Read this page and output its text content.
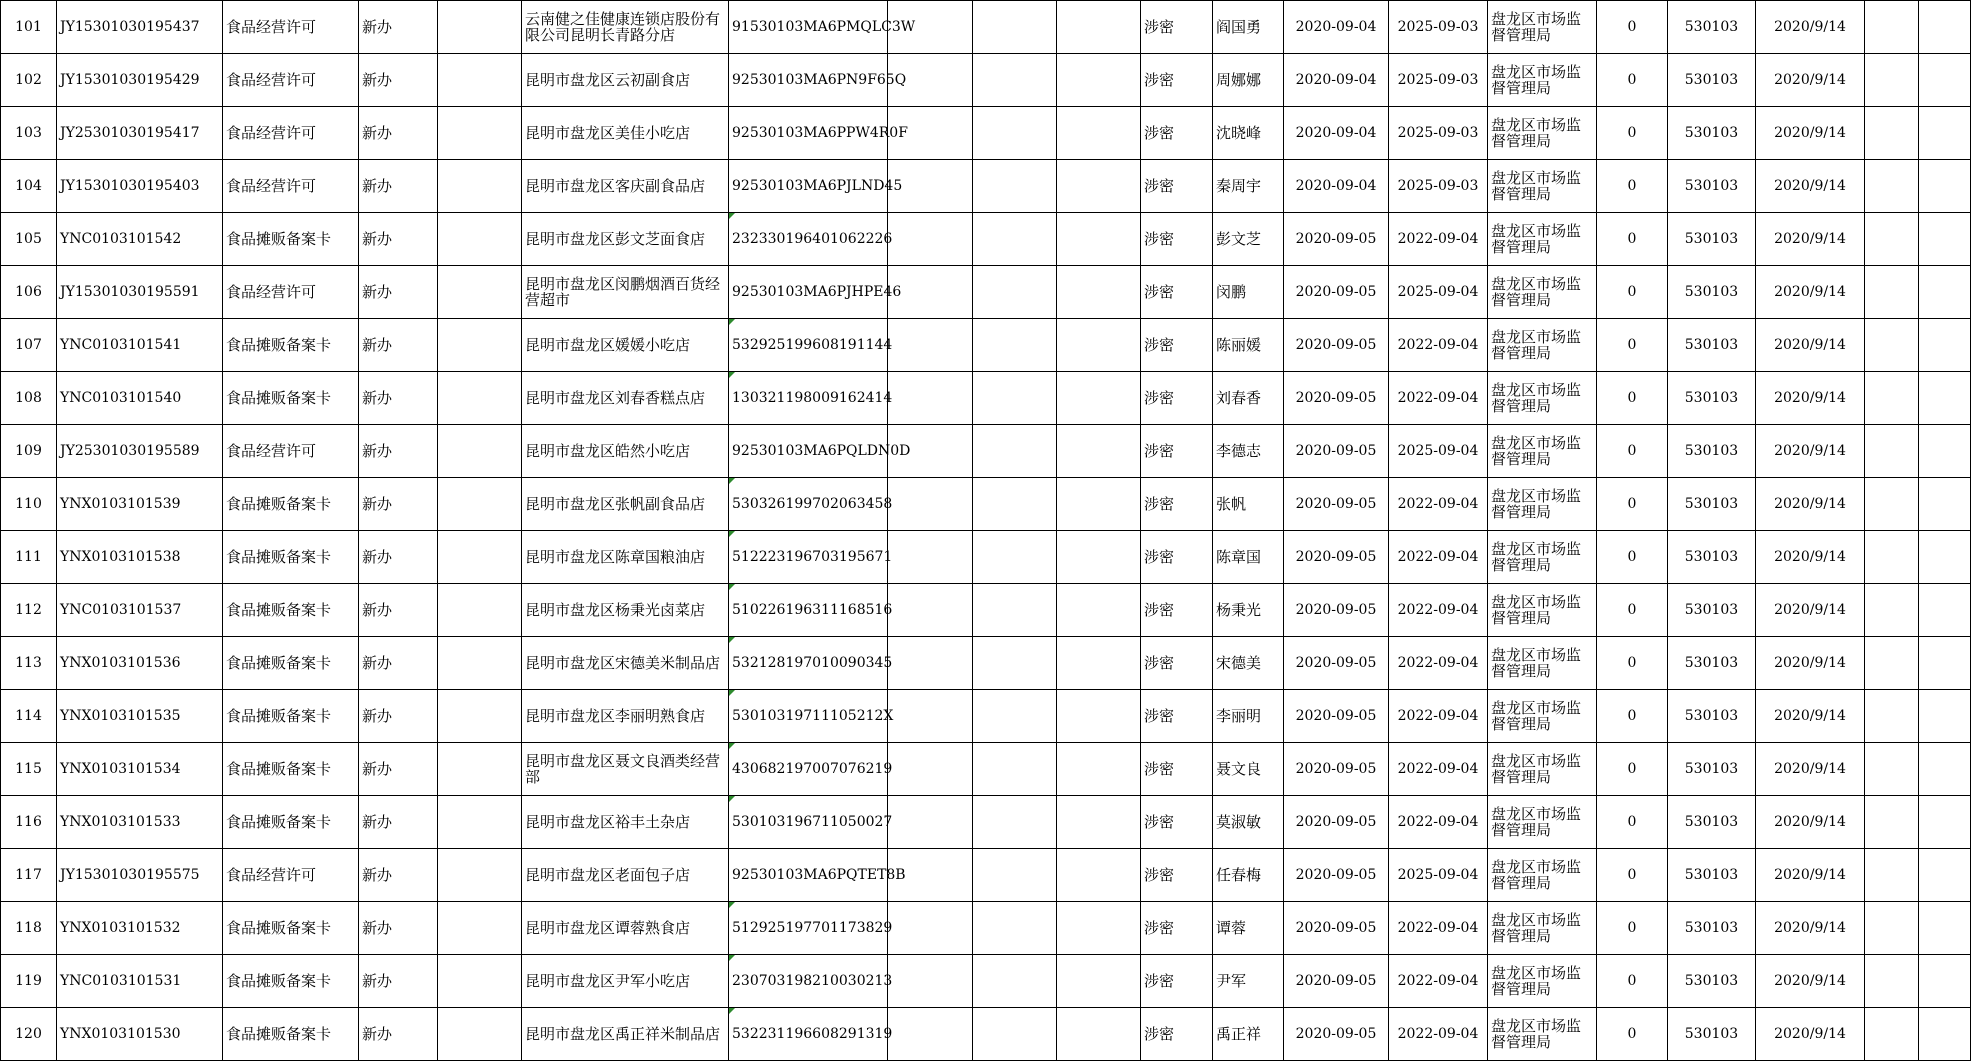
101	JY15301030195437	食品经营许可	新办		云南健之佳健康连锁店股份有限公司昆明长青路分店	91530103MA6PMQLC3W				涉密	阎国勇	2020-09-04	2025-09-03	盘龙区市场监督管理局	0	530103	2020/9/14		
102	JY15301030195429	食品经营许可	新办		昆明市盘龙区云初副食店	92530103MA6PN9F65Q				涉密	周娜娜	2020-09-04	2025-09-03	盘龙区市场监督管理局	0	530103	2020/9/14		
103	JY25301030195417	食品经营许可	新办		昆明市盘龙区美佳小吃店	92530103MA6PPW4R0F				涉密	沈晓峰	2020-09-04	2025-09-03	盘龙区市场监督管理局	0	530103	2020/9/14		
104	JY15301030195403	食品经营许可	新办		昆明市盘龙区客庆副食品店	92530103MA6PJLND45				涉密	秦周宇	2020-09-04	2025-09-03	盘龙区市场监督管理局	0	530103	2020/9/14		
105	YNC0103101542	食品摊贩备案卡	新办		昆明市盘龙区彭文芝面食店	232330196401062226				涉密	彭文芝	2020-09-05	2022-09-04	盘龙区市场监督管理局	0	530103	2020/9/14		
106	JY15301030195591	食品经营许可	新办		昆明市盘龙区闵鹏烟酒百货经营超市	92530103MA6PJHPE46				涉密	闵鹏	2020-09-05	2025-09-04	盘龙区市场监督管理局	0	530103	2020/9/14		
107	YNC0103101541	食品摊贩备案卡	新办		昆明市盘龙区媛媛小吃店	532925199608191144				涉密	陈丽媛	2020-09-05	2022-09-04	盘龙区市场监督管理局	0	530103	2020/9/14		
108	YNC0103101540	食品摊贩备案卡	新办		昆明市盘龙区刘春香糕点店	130321198009162414				涉密	刘春香	2020-09-05	2022-09-04	盘龙区市场监督管理局	0	530103	2020/9/14		
109	JY25301030195589	食品经营许可	新办		昆明市盘龙区皓然小吃店	92530103MA6PQLDN0D				涉密	李德志	2020-09-05	2025-09-04	盘龙区市场监督管理局	0	530103	2020/9/14		
110	YNX0103101539	食品摊贩备案卡	新办		昆明市盘龙区张帆副食品店	530326199702063458				涉密	张帆	2020-09-05	2022-09-04	盘龙区市场监督管理局	0	530103	2020/9/14		
111	YNX0103101538	食品摊贩备案卡	新办		昆明市盘龙区陈章国粮油店	512223196703195671				涉密	陈章国	2020-09-05	2022-09-04	盘龙区市场监督管理局	0	530103	2020/9/14		
112	YNC0103101537	食品摊贩备案卡	新办		昆明市盘龙区杨秉光卤菜店	510226196311168516				涉密	杨秉光	2020-09-05	2022-09-04	盘龙区市场监督管理局	0	530103	2020/9/14		
113	YNX0103101536	食品摊贩备案卡	新办		昆明市盘龙区宋德美米制品店	532128197010090345				涉密	宋德美	2020-09-05	2022-09-04	盘龙区市场监督管理局	0	530103	2020/9/14		
114	YNX0103101535	食品摊贩备案卡	新办		昆明市盘龙区李丽明熟食店	53010319711105212X				涉密	李丽明	2020-09-05	2022-09-04	盘龙区市场监督管理局	0	530103	2020/9/14		
115	YNX0103101534	食品摊贩备案卡	新办		昆明市盘龙区聂文良酒类经营部	430682197007076219				涉密	聂文良	2020-09-05	2022-09-04	盘龙区市场监督管理局	0	530103	2020/9/14		
116	YNX0103101533	食品摊贩备案卡	新办		昆明市盘龙区裕丰土杂店	530103196711050027				涉密	莫淑敏	2020-09-05	2022-09-04	盘龙区市场监督管理局	0	530103	2020/9/14		
117	JY15301030195575	食品经营许可	新办		昆明市盘龙区老面包子店	92530103MA6PQTET8B				涉密	任春梅	2020-09-05	2025-09-04	盘龙区市场监督管理局	0	530103	2020/9/14		
118	YNX0103101532	食品摊贩备案卡	新办		昆明市盘龙区谭蓉熟食店	512925197701173829				涉密	谭蓉	2020-09-05	2022-09-04	盘龙区市场监督管理局	0	530103	2020/9/14		
119	YNC0103101531	食品摊贩备案卡	新办		昆明市盘龙区尹军小吃店	230703198210030213				涉密	尹军	2020-09-05	2022-09-04	盘龙区市场监督管理局	0	530103	2020/9/14		
120	YNX0103101530	食品摊贩备案卡	新办		昆明市盘龙区禹正祥米制品店	532231196608291319				涉密	禹正祥	2020-09-05	2022-09-04	盘龙区市场监督管理局	0	530103	2020/9/14		
